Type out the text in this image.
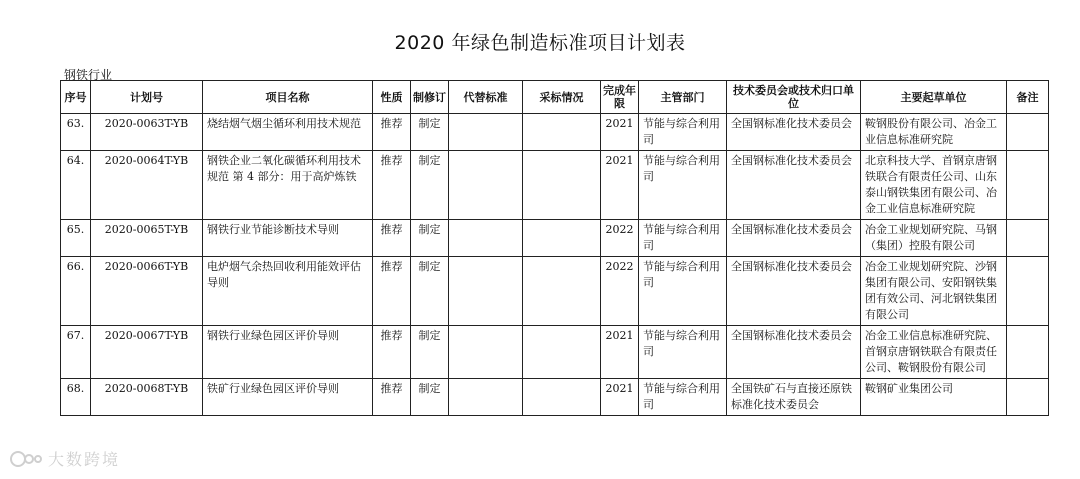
2020 年绿色制造标准项目计划表
钢铁行业
序号	计划号	项目名称	性质	制修订	代替标准	采标情况	完成年限	主管部门	技术委员会或技术归口单位	主要起草单位	备注
63.	2020-0063T-YB	烧结烟气烟尘循环利用技术规范	推荐	制定			2021	节能与综合利用司	全国钢标准化技术委员会	鞍钢股份有限公司、冶金工业信息标准研究院	
64.	2020-0064T-YB	钢铁企业二氧化碳循环利用技术规范 第 4 部分：用于高炉炼铁	推荐	制定			2021	节能与综合利用司	全国钢标准化技术委员会	北京科技大学、首钢京唐钢铁联合有限责任公司、山东泰山钢铁集团有限公司、冶金工业信息标准研究院	
65.	2020-0065T-YB	钢铁行业节能诊断技术导则	推荐	制定			2022	节能与综合利用司	全国钢标准化技术委员会	冶金工业规划研究院、马钢（集团）控股有限公司	
66.	2020-0066T-YB	电炉烟气余热回收利用能效评估导则	推荐	制定			2022	节能与综合利用司	全国钢标准化技术委员会	冶金工业规划研究院、沙钢集团有限公司、安阳钢铁集团有效公司、河北钢铁集团有限公司	
67.	2020-0067T-YB	钢铁行业绿色园区评价导则	推荐	制定			2021	节能与综合利用司	全国钢标准化技术委员会	冶金工业信息标准研究院、首钢京唐钢铁联合有限责任公司、鞍钢股份有限公司	
68.	2020-0068T-YB	铁矿行业绿色园区评价导则	推荐	制定			2021	节能与综合利用司	全国铁矿石与直接还原铁标准化技术委员会	鞍钢矿业集团公司	
大数跨境
